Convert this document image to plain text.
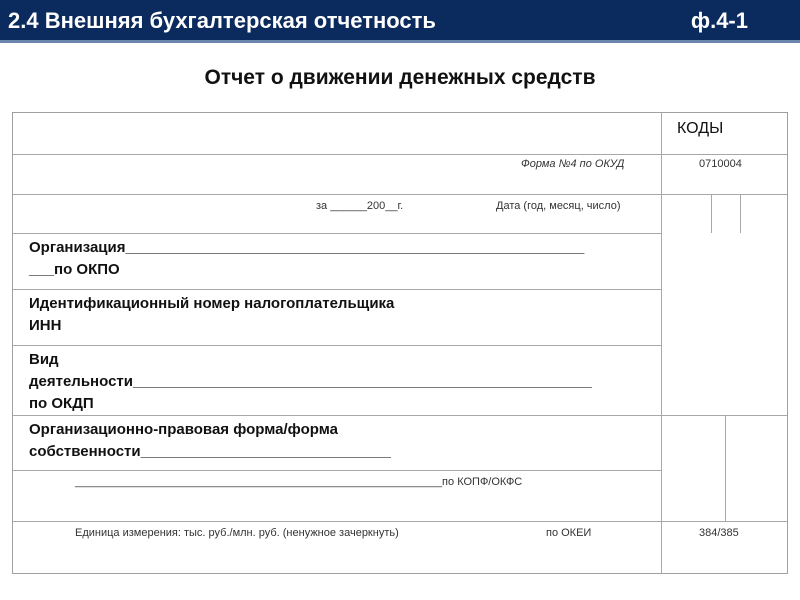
2.4 Внешняя бухгалтерская отчетность	ф.4-1
Отчет о движении денежных средств
КОДЫ
Форма №4 по ОКУД	0710004
за ______200__г.	Дата (год, месяц, число)
Организация_______________________________________________________
___по ОКПО
Идентификационный номер налогоплательщика
ИНН
Вид
деятельности_______________________________________________________
по ОКДП
Организационно-правовая форма/форма
собственности______________________________
____________________________________________________________по КОПФ/ОКФС
Единица измерения: тыс. руб./млн. руб. (ненужное зачеркнуть)	по ОКЕИ	384/385
